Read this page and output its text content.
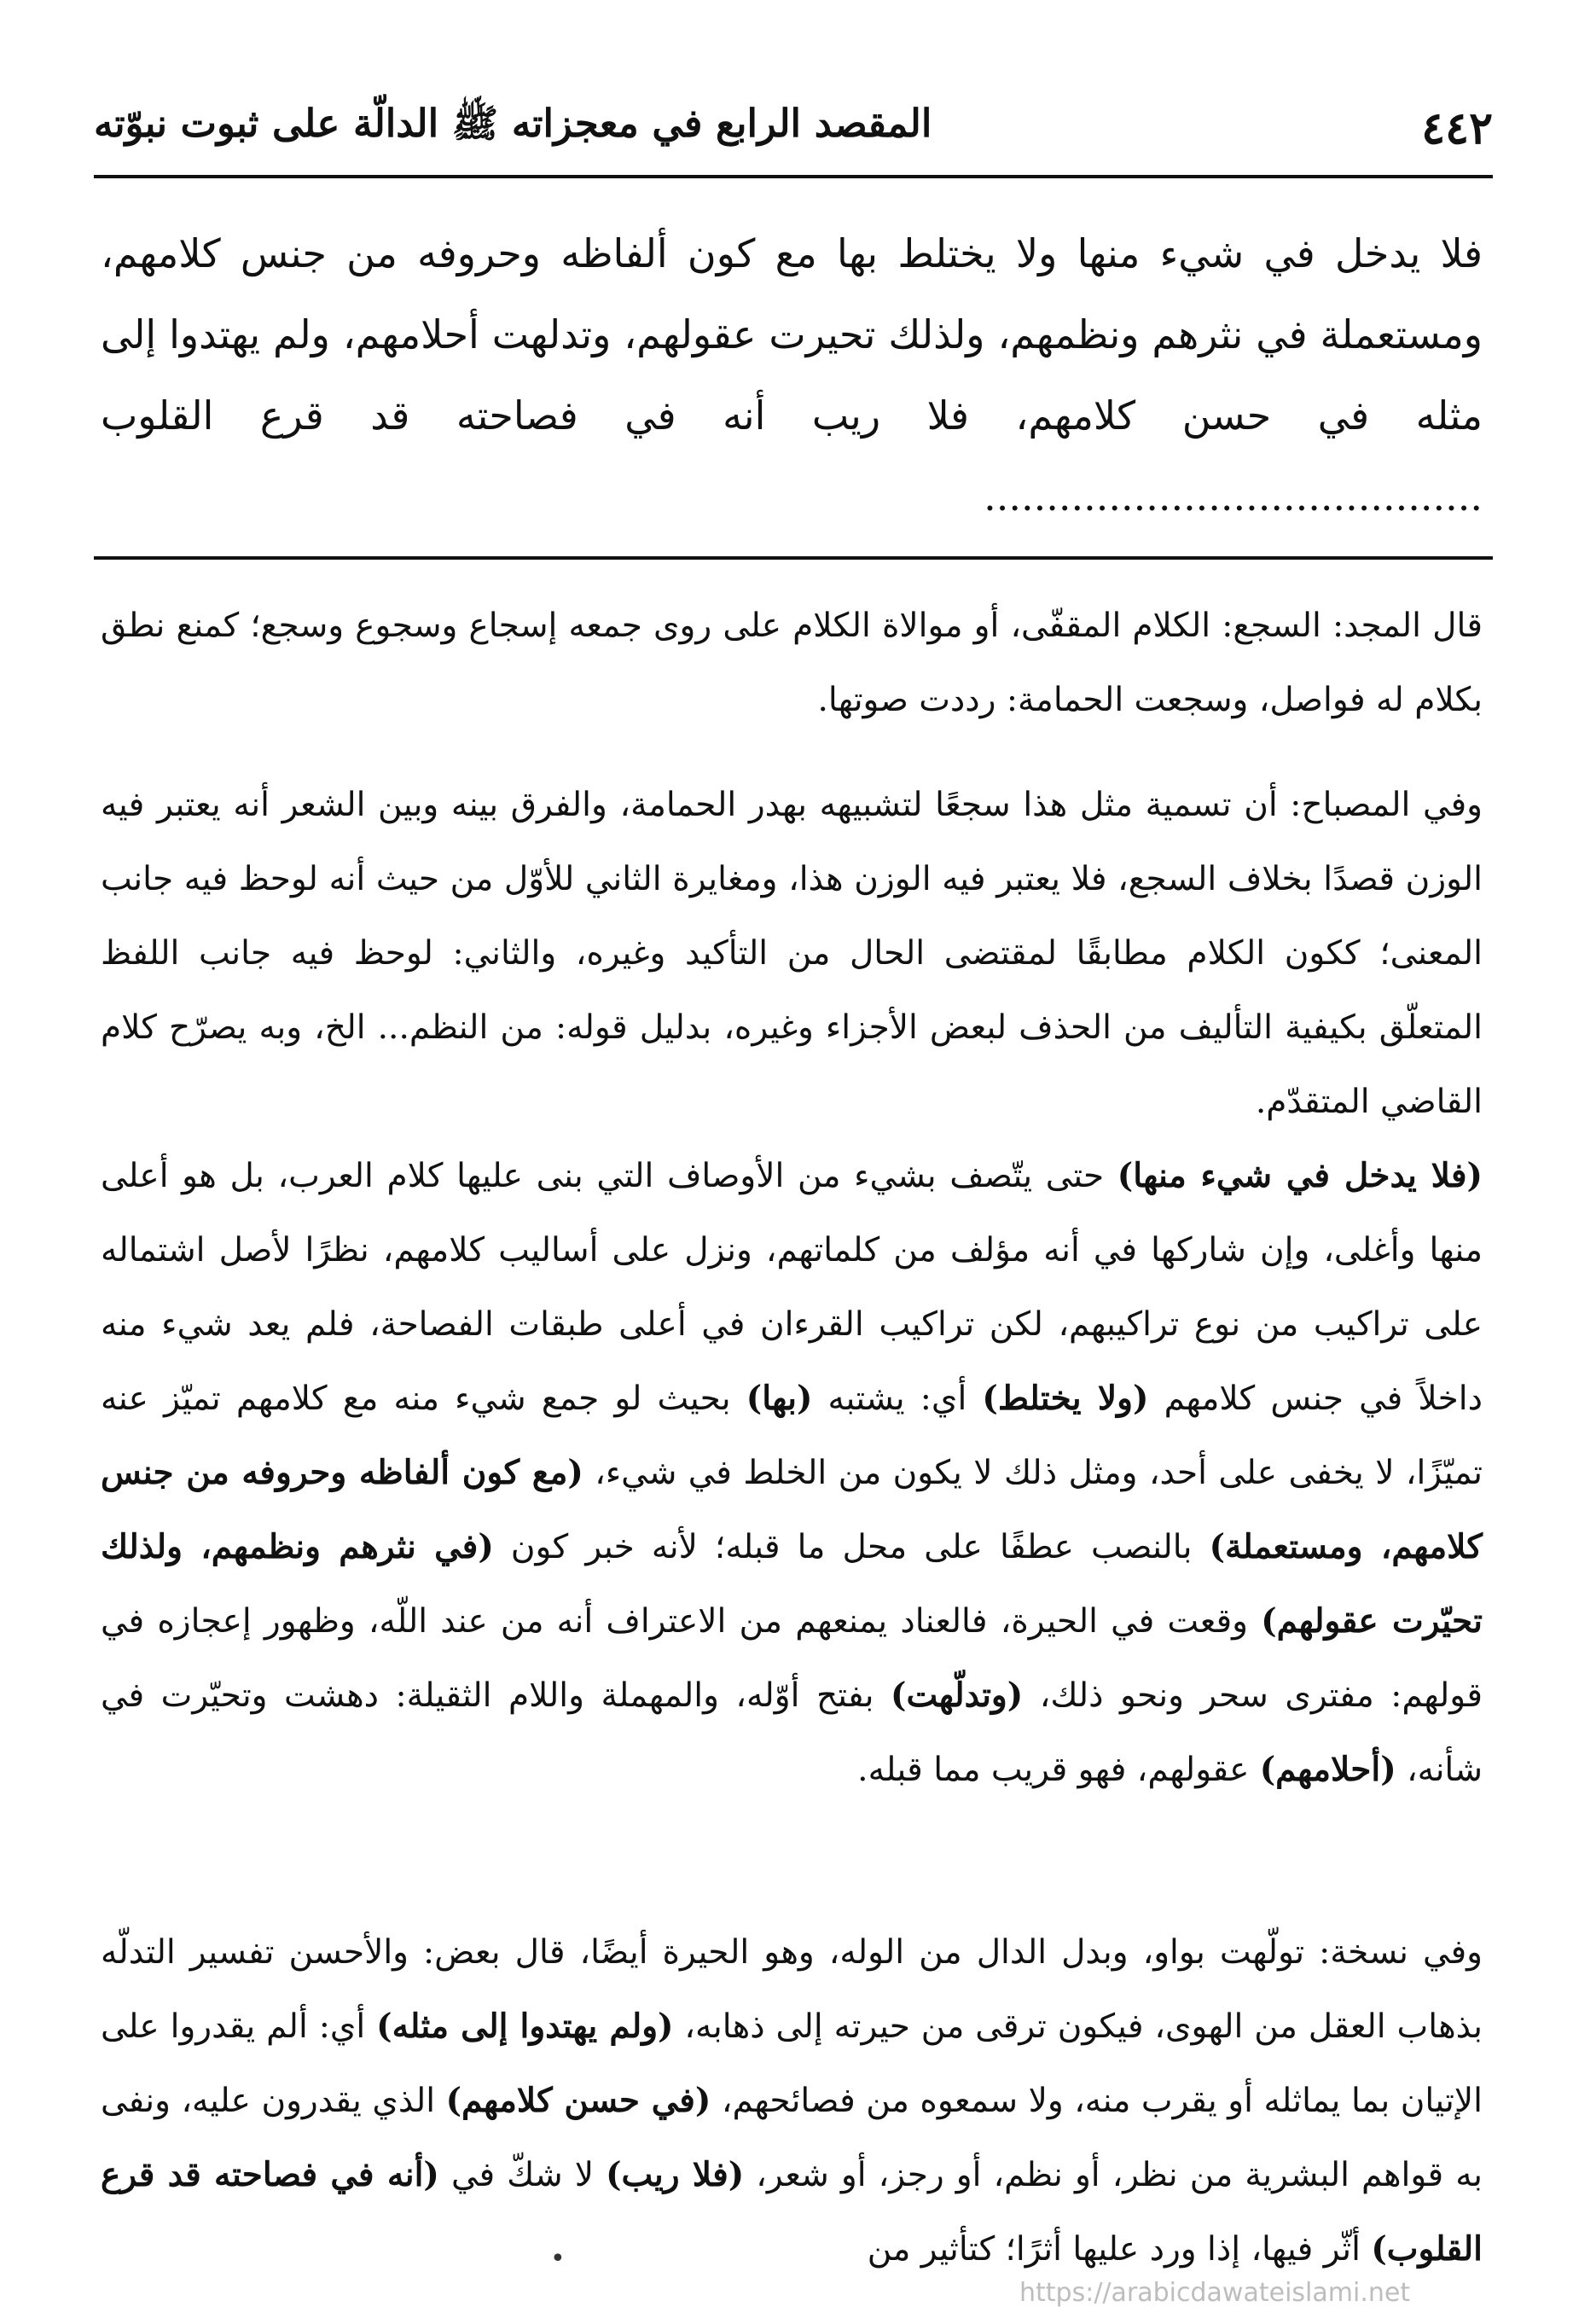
٤٤٢
المقصد الرابع في معجزاته ﷺ الدالّة على ثبوت نبوّته

فلا يدخل في شيء منها ولا يختلط بها مع كون ألفاظه وحروفه من جنس كلامهم، ومستعملة في نثرهم ونظمهم، ولذلك تحيرت عقولهم، وتدلهت أحلامهم، ولم يهتدوا إلى مثله في حسن كلامهم، فلا ريب أنه في فصاحته قد قرع القلوب ........................................

قال المجد: السجع: الكلام المقفّى، أو موالاة الكلام على روى جمعه إسجاع وسجوع وسجع؛ كمنع نطق بكلام له فواصل، وسجعت الحمامة: رددت صوتها.

وفي المصباح: أن تسمية مثل هذا سجعًا لتشبيهه بهدر الحمامة، والفرق بينه وبين الشعر أنه يعتبر فيه الوزن قصدًا بخلاف السجع، فلا يعتبر فيه الوزن هذا، ومغايرة الثاني للأوّل من حيث أنه لوحظ فيه جانب المعنى؛ ككون الكلام مطابقًا لمقتضى الحال من التأكيد وغيره، والثاني: لوحظ فيه جانب اللفظ المتعلّق بكيفية التأليف من الحذف لبعض الأجزاء وغيره، بدليل قوله: من النظم... الخ، وبه يصرّح كلام القاضي المتقدّم.

(فلا يدخل في شيء منها) حتى يتّصف بشيء من الأوصاف التي بنى عليها كلام العرب، بل هو أعلى منها وأغلى، وإن شاركها في أنه مؤلف من كلماتهم، ونزل على أساليب كلامهم، نظرًا لأصل اشتماله على تراكيب من نوع تراكيبهم، لكن تراكيب القرءان في أعلى طبقات الفصاحة، فلم يعد شيء منه داخلاً في جنس كلامهم (ولا يختلط) أي: يشتبه (بها) بحيث لو جمع شيء منه مع كلامهم تميّز عنه تميّزًا، لا يخفى على أحد، ومثل ذلك لا يكون من الخلط في شيء، (مع كون ألفاظه وحروفه من جنس كلامهم، ومستعملة) بالنصب عطفًا على محل ما قبله؛ لأنه خبر كون (في نثرهم ونظمهم، ولذلك تحيّرت عقولهم) وقعت في الحيرة، فالعناد يمنعهم من الاعتراف أنه من عند اللّه، وظهور إعجازه في قولهم: مفترى سحر ونحو ذلك، (وتدلّهت) بفتح أوّله، والمهملة واللام الثقيلة: دهشت وتحيّرت في شأنه، (أحلامهم) عقولهم، فهو قريب مما قبله.

وفي نسخة: تولّهت بواو، وبدل الدال من الوله، وهو الحيرة أيضًا، قال بعض: والأحسن تفسير التدلّه بذهاب العقل من الهوى، فيكون ترقى من حيرته إلى ذهابه، (ولم يهتدوا إلى مثله) أي: ألم يقدروا على الإتيان بما يماثله أو يقرب منه، ولا سمعوه من فصائحهم، (في حسن كلامهم) الذي يقدرون عليه، ونفى به قواهم البشرية من نظر، أو نظم، أو رجز، أو شعر، (فلا ريب) لا شكّ في (أنه في فصاحته قد قرع القلوب) أثّر فيها، إذا ورد عليها أثرًا؛ كتأثير من

•
https://arabicdawateislami.net
